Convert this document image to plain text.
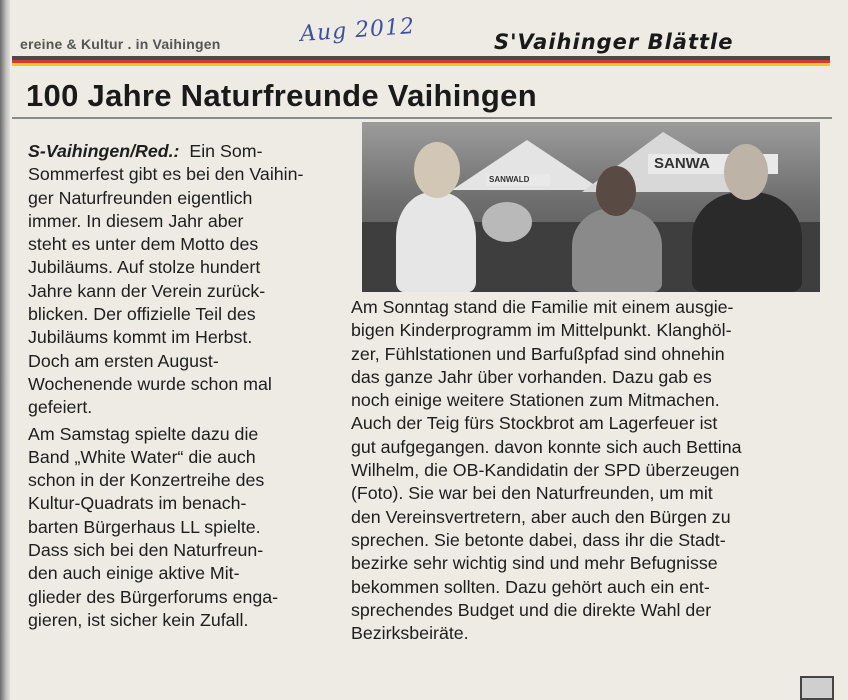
ereine & Kultur . in Vaihingen	Aug 2012	S'Vaihinger Blättle
100 Jahre Naturfreunde Vaihingen

S-Vaihingen/Red.: Ein Som-
Sommerfest gibt es bei den Vaihin-
ger Naturfreunden eigentlich
immer. In diesem Jahr aber
steht es unter dem Motto des
Jubiläums. Auf stolze hundert
Jahre kann der Verein zurück-
blicken. Der offizielle Teil des
Jubiläums kommt im Herbst.
Doch am ersten August-
Wochenende wurde schon mal
gefeiert.

Am Samstag spielte dazu die
Band „White Water“ die auch
schon in der Konzertreihe des
Kultur-Quadrats im benach-
barten Bürgerhaus LL spielte.
Dass sich bei den Naturfreun-
den auch einige aktive Mit-
glieder des Bürgerforums enga-
gieren, ist sicher kein Zufall.

SANWA
SANWALD
Am Sonntag stand die Familie mit einem ausgie-
bigen Kinderprogramm im Mittelpunkt. Klanghöl-
zer, Fühlstationen und Barfußpfad sind ohnehin
das ganze Jahr über vorhanden. Dazu gab es
noch einige weitere Stationen zum Mitmachen.
Auch der Teig fürs Stockbrot am Lagerfeuer ist
gut aufgegangen. davon konnte sich auch Bettina
Wilhelm, die OB-Kandidatin der SPD überzeugen
(Foto). Sie war bei den Naturfreunden, um mit
den Vereinsvertretern, aber auch den Bürgen zu
sprechen. Sie betonte dabei, dass ihr die Stadt-
bezirke sehr wichtig sind und mehr Befugnisse
bekommen sollten. Dazu gehört auch ein ent-
sprechendes Budget und die direkte Wahl der
Bezirksbeiräte.
